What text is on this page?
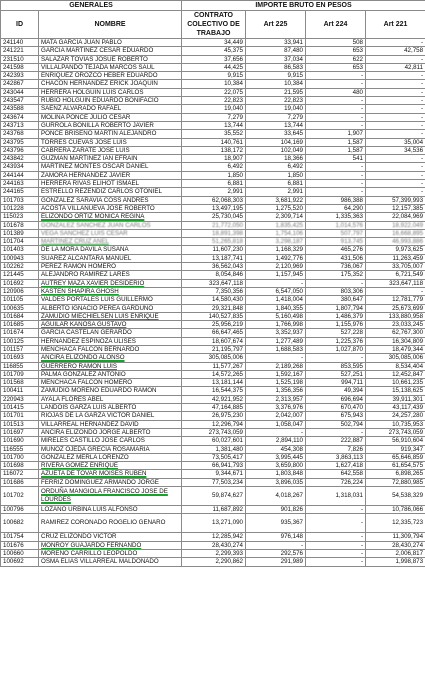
GENERALES		IMPORTE BRUTO EN PESOS			
ID	NOMBRE	CONTRATO COLECTIVO DE TRABAJO	Art 225	Art 224	Art 221
241140	MATA GARCIA JUAN PABLO	34,449	33,941	508	-
241221	GARCIA MARTINEZ CESAR EDUARDO	45,375	87,480	653	42,758
231510	SALAZAR TOVIAS JOSUE ROBERTO	37,656	37,034	622	-
241598	VILLALPANDO TEJADA MARCOS SAUL	44,425	86,583	653	42,811
242393	ENRIQUEZ OROZCO HEBER EDUARDO	9,915	9,915	-	-
242867	CHACON HERNANDEZ ERICK JOAQUIN	10,384	10,384	-	-
243044	HERRERA HOLGUIN LUIS CARLOS	22,075	21,595	480	-
243547	RUBIO HOLGUIN EDUARDO BONIFACIO	22,823	22,823	-	-
243588	SAENZ ALVARADO RAFAEL	19,040	19,040	-	-
243674	MOLINA PONCE JULIO CESAR	7,279	7,279	-	-
243713	GURROLA BONILLA ROBERTO JAVIER	13,744	13,744	-	-
243768	PONCE BRISEÑO MARTIN ALEJANDRO	35,552	33,645	1,907	-
243795	TORRES CUEVAS JOSE LUIS	140,761	104,169	1,587	35,004
243796	CABRERA ZARATE JOSE LUIS	138,172	102,049	1,587	34,536
243842	GUZMAN MARTINEZ IAN EFRAIN	18,907	18,366	541	-
243934	MARTINEZ MONTES OSCAR DANIEL	6,492	6,492	-	-
244144	ZAMORA HERNANDEZ JAVIER	1,850	1,850	-	-
244163	HERRERA RIVAS ELIHOT ISMAEL	6,881	6,881	-	-
244165	ESTRELLO REZENDIZ CARLOS OTONIEL	2,991	2,991	-	-
101703	GONZALEZ SARAVIA COSS ANDRES	62,068,303	3,681,922	986,388	57,399,993
101228	ACOSTA VILLANUEVA JOSE ROBERTO	13,497,195	1,275,520	64,290	12,157,385
115023	ELIZONDO ORTIZ MONICA REGINA	25,730,045	2,309,714	1,335,363	22,084,969
101678	GONZALEZ SANCHEZ JUAN CARLOS	21,772,050	1,835,425	1,014,576	18,922,049
101389	VEGA SANCHEZ LUIS CESAR	18,891,398	1,754,106	507,797	16,668,895
101704	MARTINEZ CRUZ ANEL	51,265,818	3,298,187	913,745	46,993,886
101403	DE LA MORA DAVILA SUSANA	11,607,230	1,168,329	465,276	9,973,625
100943	SUAREZ ALCANTARA MANUEL	13,187,741	1,492,776	431,506	11,263,459
102262	PEREZ RAMON HOMERO	36,562,043	2,120,969	736,067	33,705,007
121445	ALEJANDRO RAMIREZ LARES	8,054,846	1,157,945	175,352	6,721,549
101692	AUTREY MAZA XAVIER DESIDERIO	323,647,118	-	-	323,647,118
120906	KASTEN SHAPIRA GHOSH	7,350,356	6,547,050	803,306	-
101105	VALDES PORTALES LUIS GUILLERMO	14,580,430	1,418,004	380,647	12,781,779
100635	ALBERTO IGNACIO PEREA GARDUÑO	29,321,848	1,840,355	1,807,794	25,673,699
101684	ZAMUDIO MIECHIELSEN LUIS ENRIQUE	140,527,835	5,160,498	1,486,379	133,880,958
101685	AGUILAR KANOSA GUSTAVO	25,956,219	1,766,998	1,155,976	23,033,245
101674	GARCIA CASTELAN GERARDO	66,647,465	3,352,937	527,228	62,767,300
100125	HERNANDEZ ESPINOZA ULISES	18,607,674	1,277,489	1,225,376	16,304,809
101157	MENCHACA FALCON BERNARDO	21,195,797	1,688,583	1,027,870	18,479,344
101693	ANCIRA ELIZONDO ALONSO	305,085,006	-	-	305,085,006
116855	GUERRERO RAMON LUIS	11,577,267	2,189,268	853,595	8,534,404
101709	PALMA GONZALEZ ANTONIO	14,572,265	1,592,167	527,251	12,452,847
101568	MENCHACA FALCON HOMERO	13,181,144	1,525,198	994,711	10,661,235
100411	ZAMUDIO MORENO EDUARDO RAMON	16,544,375	1,356,356	49,394	15,138,625
220943	AYALA FLORES ABEL	42,921,952	2,313,957	696,694	39,911,301
101415	LANDOIS GARZA LUIS ALBERTO	47,164,885	3,376,976	670,470	43,117,439
101701	RIOJAS DE LA GARZA VICTOR DANIEL	26,975,230	2,042,007	675,943	24,257,280
101513	VILLARREAL HERNANDEZ DAVID	12,296,794	1,058,047	502,794	10,735,953
101697	ANCIRA ELIZONDO JORGE ALBERTO	273,743,059	-	-	273,743,059
101690	MIRELES CASTILLO JOSE CARLOS	60,027,601	2,894,110	222,887	56,910,604
116555	MUÑOZ OJEDA GRECIA ROSAMARIA	1,381,480	454,308	7,826	919,347
101700	GONZALEZ MERLA LORENZO	73,505,417	3,995,445	3,863,113	65,646,859
101698	RIVERA GOMEZ ENRIQUE	66,941,793	3,659,800	1,627,418	61,654,575
116072	AZUETA DE TOVAR MOISES RUBEN	9,344,671	1,803,848	642,558	6,898,265
101686	FERRIZ DOMINGUEZ ARMANDO JORGE	77,503,234	3,896,035	726,224	72,880,985
101702	ORDUÑA MANGIOLA FRANCISCO JOSE DE LOURDES	59,874,627	4,018,267	1,318,031	54,538,329
100796	LOZANO URBINA LUIS ALFONSO	11,687,892	901,826	-	10,786,066
100682	RAMIREZ CORONADO ROGELIO GENARO	13,271,090	935,367	-	12,335,723
101754	CRUZ ELIZONDO VICTOR	12,285,942	976,148	-	11,309,794
101676	MONROY GUAJARDO FERNANDO	28,430,274	-	-	28,430,274
100660	MORENO CARRILLO LEOPOLDO	2,299,393	292,576	-	2,006,817
100692	OSMA ELIAS VILLARREAL MALDONADO	2,290,862	291,989	-	1,998,873
